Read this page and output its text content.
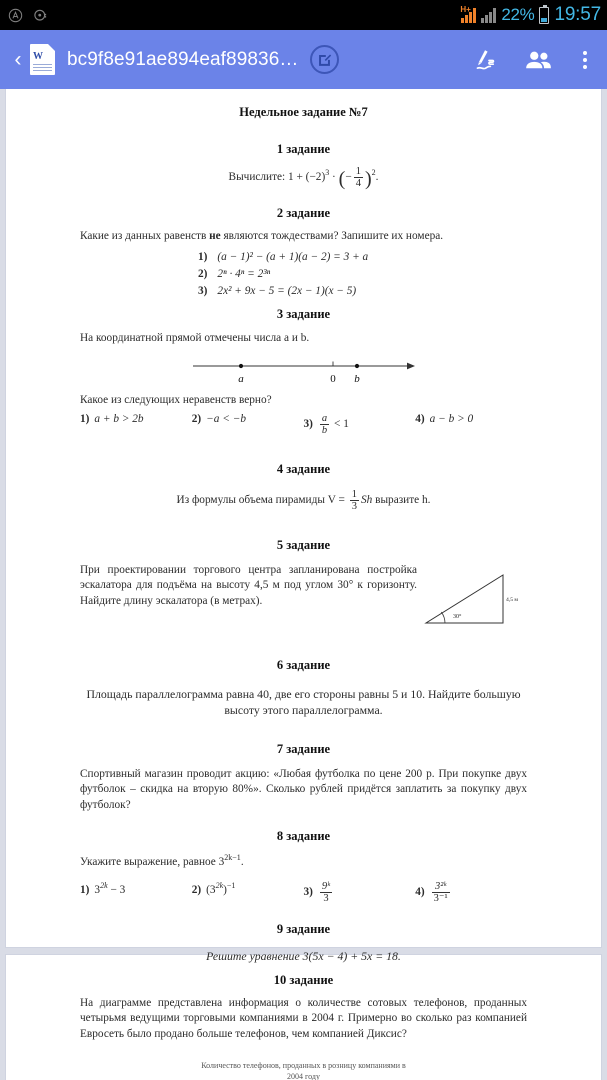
H+ 22% 19:57
‹	W bc9f8e91ae894eaf89836…
Недельное задание №7
1 задание
Вычислите: $1 + (-2)^3$ · (− $\frac{1}{4} )^2$.
2 задание
Какие из данных равенств не являются тождествами? Запишите их номера.
1) (a − 1)² − (a + 1)(a − 2) = 3 + a
2) 2ⁿ · 4ⁿ = 2³ⁿ
3) 2x² + 9x − 5 = (2x − 1)(x − 5)
3 задание
На координатной прямой отмечены числа a и b.
a	0 b
Какое из следующих неравенств верно?
1) a + b > 2b	2) −a < −b	$3) \frac{a}{b} < 1$	4) a − b > 0
4 задание
Из формулы объема пирамиды $V = \frac{1}{3}$ Sh выразите h.
5 задание
При проектировании торгового центра запланирована постройка эскалатора для подъёма на высоту 4,5 м под углом 30° к горизонту. Найдите длину эскалатора (в метрах).
30°
4,5 м
6 задание
Площадь параллелограмма равна 40, две его стороны равны 5 и 10. Найдите большую высоту этого параллелограмма.
7 задание
Спортивный магазин проводит акцию: «Любая футболка по цене 200 р. При покупке двух футболок – скидка на вторую 80%». Сколько рублей придётся заплатить за покупку двух футболок?
8 задание
Укажите выражение, равное $3^{2k-1}$.
1) $3^{2k} - 3$	2) $(3^{2k})^{-1}$
$3) \frac{\text{9ᵏ}}{3}$	$4) \frac{\text{3²ᵏ}}{\text{3⁻¹}}$
9 задание
Решите уравнение 3(5x − 4) + 5x = 18.
10 задание
На диаграмме представлена информация о количестве сотовых телефонов, проданных четырьмя ведущими торговыми компаниями в 2004 г. Примерно во сколько раз компанией Евросеть было продано больше телефонов, чем компанией Диксис?
Количество телефонов, проданных в розницу компаниями в
2004 году
